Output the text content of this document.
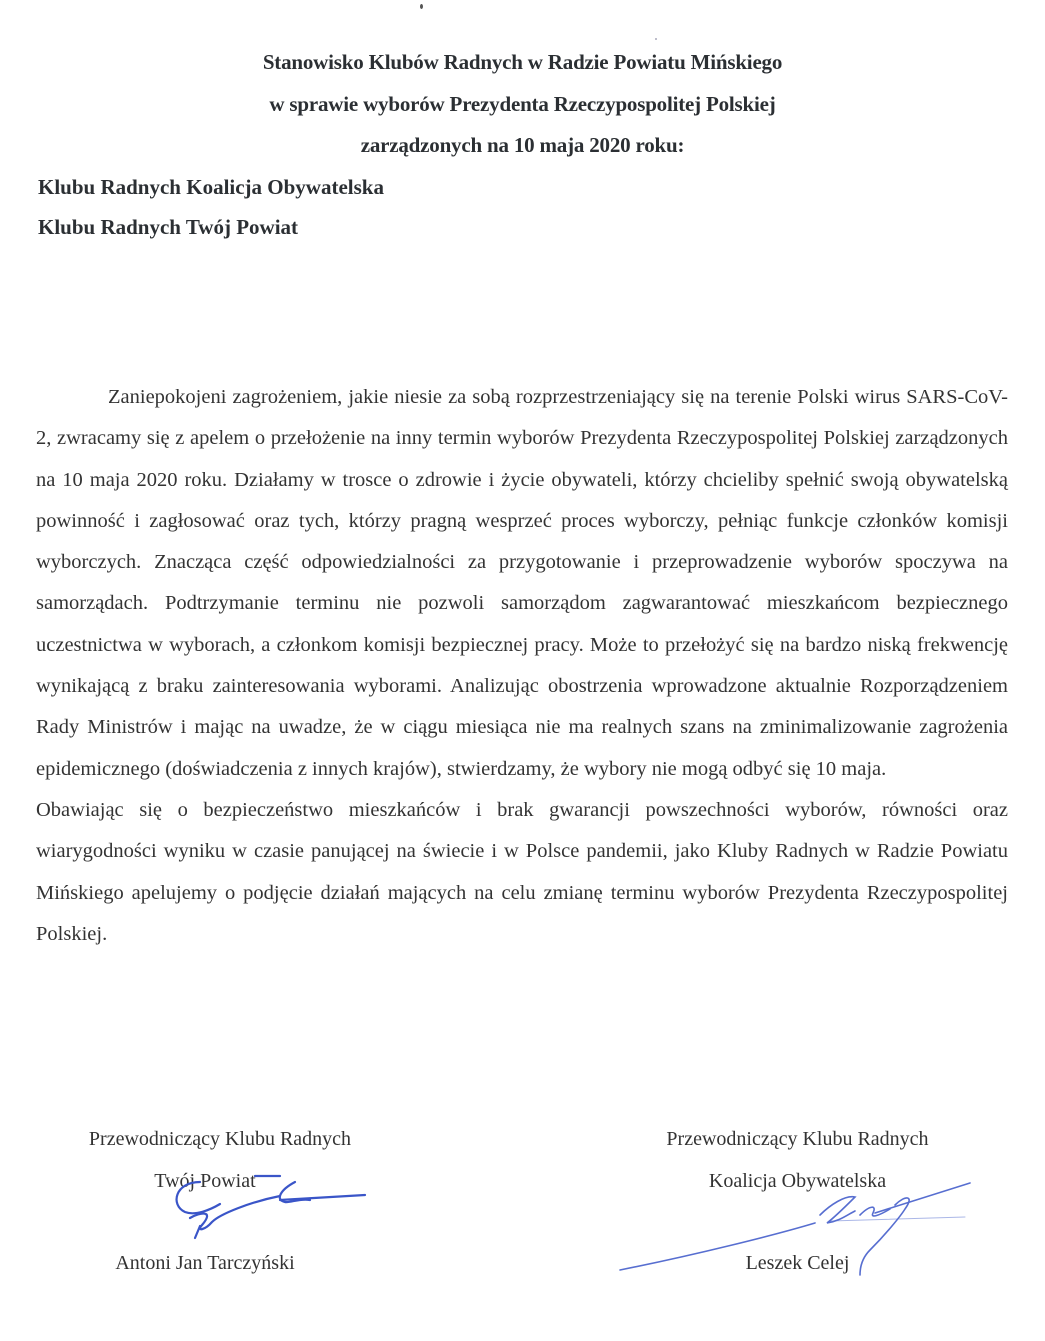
Stanowisko Klubów Radnych w Radzie Powiatu Mińskiego
w sprawie wyborów Prezydenta Rzeczypospolitej Polskiej
zarządzonych na 10 maja 2020 roku:
Klubu Radnych Koalicja Obywatelska
Klubu Radnych Twój Powiat

Zaniepokojeni zagrożeniem, jakie niesie za sobą rozprzestrzeniający się na terenie Polski wirus SARS-CoV-2, zwracamy się z apelem o przełożenie na inny termin wyborów Prezydenta Rzeczypospolitej Polskiej zarządzonych na 10 maja 2020 roku. Działamy w trosce o zdrowie i życie obywateli, którzy chcieliby spełnić swoją obywatelską powinność i zagłosować oraz tych, którzy pragną wesprzeć proces wyborczy, pełniąc funkcje członków komisji wyborczych. Znacząca część odpowiedzialności za przygotowanie i przeprowadzenie wyborów spoczywa na samorządach. Podtrzymanie terminu nie pozwoli samorządom zagwarantować mieszkańcom bezpiecznego uczestnictwa w wyborach, a członkom komisji bezpiecznej pracy. Może to przełożyć się na bardzo niską frekwencję wynikającą z braku zainteresowania wyborami. Analizując obostrzenia wprowadzone aktualnie Rozporządzeniem Rady Ministrów i mając na uwadze, że w ciągu miesiąca nie ma realnych szans na zminimalizowanie zagrożenia epidemicznego (doświadczenia z innych krajów), stwierdzamy, że wybory nie mogą odbyć się 10 maja.

Obawiając się o bezpieczeństwo mieszkańców i brak gwarancji powszechności wyborów, równości oraz wiarygodności wyniku w czasie panującej na świecie i w Polsce pandemii, jako Kluby Radnych w Radzie Powiatu Mińskiego apelujemy o podjęcie działań mających na celu zmianę terminu wyborów Prezydenta Rzeczypospolitej Polskiej.

Przewodniczący Klubu Radnych
Twój Powiat
Antoni Jan Tarczyński
Przewodniczący Klubu Radnych
Koalicja Obywatelska
Leszek Celej
